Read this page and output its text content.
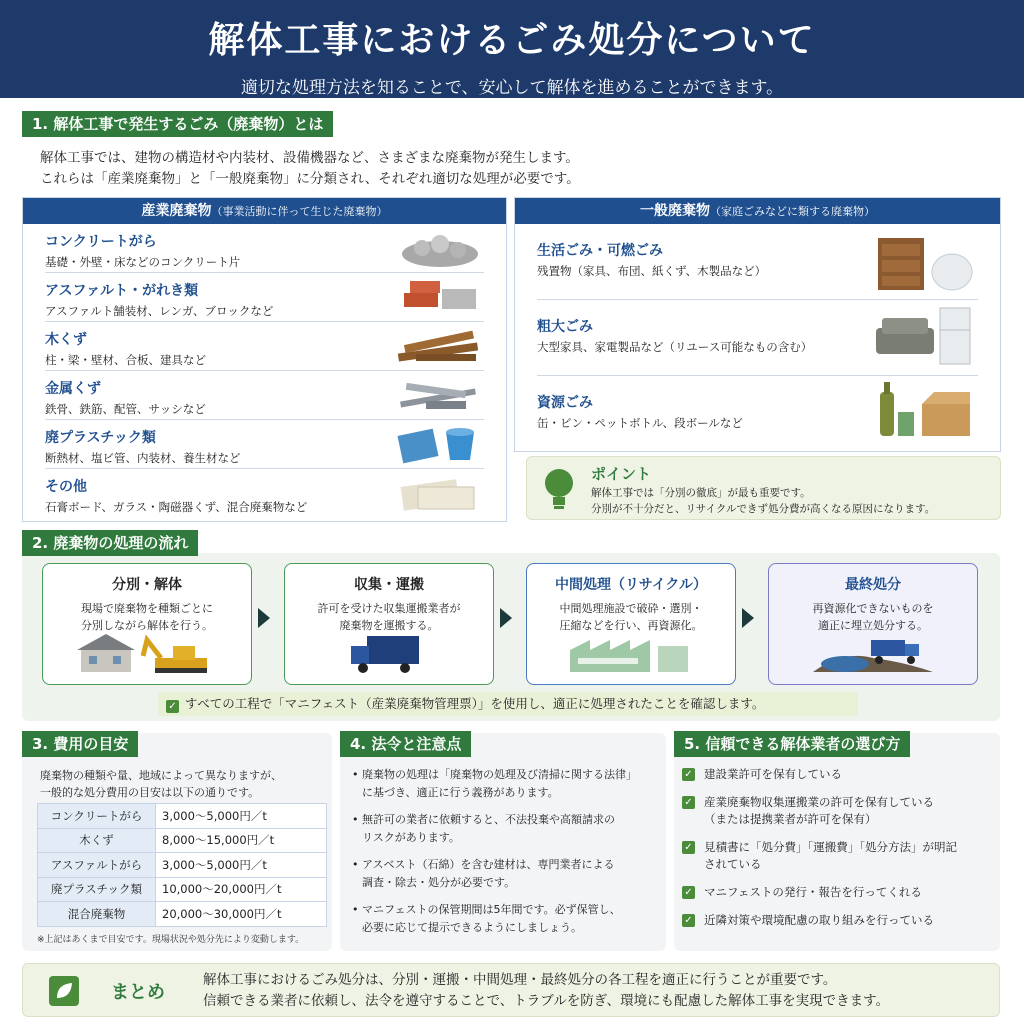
解体工事におけるごみ処分について

適切な処理方法を知ることで、安心して解体を進めることができます。

1. 解体工事で発生するごみ（廃棄物）とは
解体工事では、建物の構造材や内装材、設備機器など、さまざまな廃棄物が発生します。
これらは「産業廃棄物」と「一般廃棄物」に分類され、それぞれ適切な処理が必要です。
産業廃棄物（事業活動に伴って生じた廃棄物）
コンクリートがら
基礎・外壁・床などのコンクリート片
アスファルト・がれき類
アスファルト舗装材、レンガ、ブロックなど
木くず
柱・梁・壁材、合板、建具など
金属くず
鉄骨、鉄筋、配管、サッシなど
廃プラスチック類
断熱材、塩ビ管、内装材、養生材など
その他
石膏ボード、ガラス・陶磁器くず、混合廃棄物など
一般廃棄物（家庭ごみなどに類する廃棄物）
生活ごみ・可燃ごみ
残置物（家具、布団、紙くず、木製品など）
粗大ごみ
大型家具、家電製品など（リユース可能なもの含む）
資源ごみ
缶・ビン・ペットボトル、段ボールなど
ポイント
解体工事では「分別の徹底」が最も重要です。
分別が不十分だと、リサイクルできず処分費が高くなる原因になります。
2. 廃棄物の処理の流れ
分別・解体
現場で廃棄物を種類ごとに
分別しながら解体を行う。
収集・運搬
許可を受けた収集運搬業者が
廃棄物を運搬する。
中間処理（リサイクル）
中間処理施設で破砕・選別・
圧縮などを行い、再資源化。
最終処分
再資源化できないものを
適正に埋立処分する。
✓ すべての工程で「マニフェスト（産業廃棄物管理票）」を使用し、適正に処理されたことを確認します。
3. 費用の目安
廃棄物の種類や量、地域によって異なりますが、
一般的な処分費用の目安は以下の通りです。
コンクリートがら	3,000〜5,000円／t
木くず	8,000〜15,000円／t
アスファルトがら	3,000〜5,000円／t
廃プラスチック類	10,000〜20,000円／t
混合廃棄物	20,000〜30,000円／t
※上記はあくまで目安です。現場状況や処分先により変動します。
4. 法令と注意点
• 廃棄物の処理は「廃棄物の処理及び清掃に関する法律」
に基づき、適正に行う義務があります。
• 無許可の業者に依頼すると、不法投棄や高額請求の
リスクがあります。
• アスベスト（石綿）を含む建材は、専門業者による
調査・除去・処分が必要です。
• マニフェストの保管期間は5年間です。必ず保管し、
必要に応じて提示できるようにしましょう。
5. 信頼できる解体業者の選び方
✓ 建設業許可を保有している
✓ 産業廃棄物収集運搬業の許可を保有している
（または提携業者が許可を保有）
✓ 見積書に「処分費」「運搬費」「処分方法」が明記
されている
✓ マニフェストの発行・報告を行ってくれる
✓ 近隣対策や環境配慮の取り組みを行っている
まとめ
解体工事におけるごみ処分は、分別・運搬・中間処理・最終処分の各工程を適正に行うことが重要です。
信頼できる業者に依頼し、法令を遵守することで、トラブルを防ぎ、環境にも配慮した解体工事を実現できます。
